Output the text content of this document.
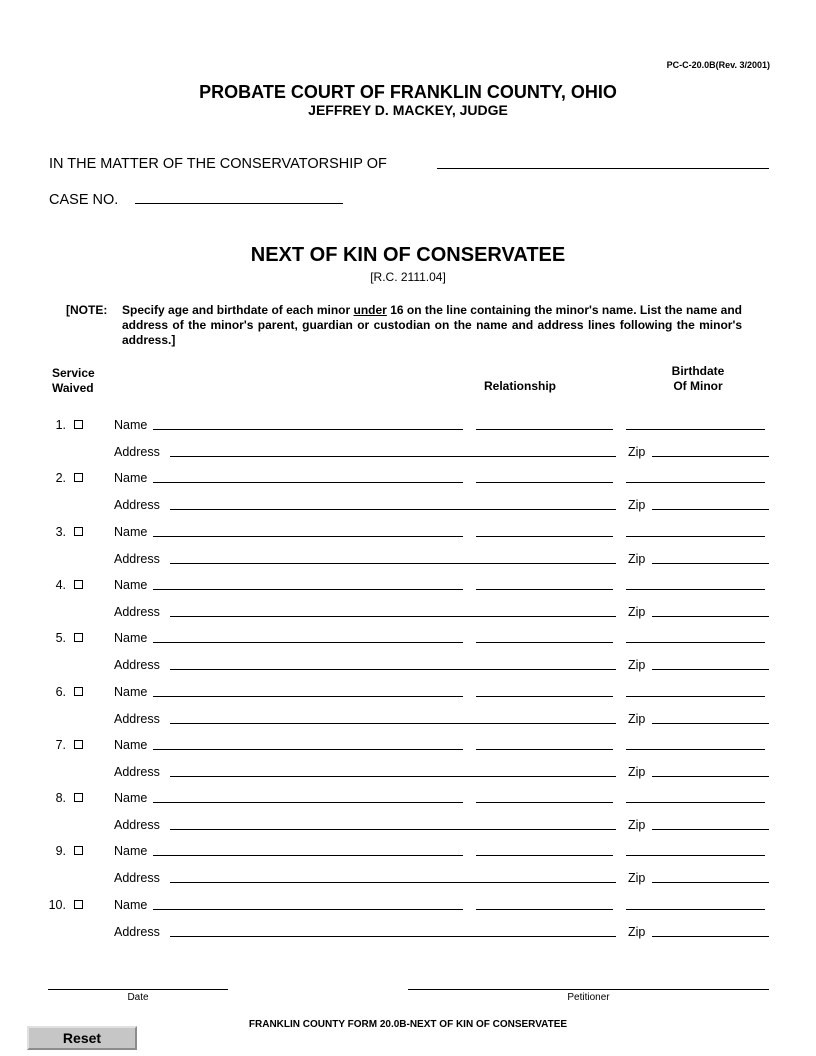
PC-C-20.0B(Rev. 3/2001)
PROBATE COURT OF FRANKLIN COUNTY, OHIO
JEFFREY D. MACKEY, JUDGE
IN THE MATTER OF THE CONSERVATORSHIP OF
CASE NO.
NEXT OF KIN OF CONSERVATEE
[R.C. 2111.04]
[NOTE: Specify age and birthdate of each minor under 16 on the line containing the minor's name. List the name and address of the minor's parent, guardian or custodian on the name and address lines following the minor's address.]
Service
Waived	Relationship
Birthdate
Of Minor
1.	Name
Address	Zip
2.	Name
Address	Zip
3.	Name
Address	Zip
4.	Name
Address	Zip
5.	Name
Address	Zip
6.	Name
Address	Zip
7.	Name
Address	Zip
8.	Name
Address	Zip
9.	Name
Address	Zip
10.	Name
Address	Zip
Date	Petitioner
FRANKLIN COUNTY FORM 20.0B-NEXT OF KIN OF CONSERVATEE
Reset
